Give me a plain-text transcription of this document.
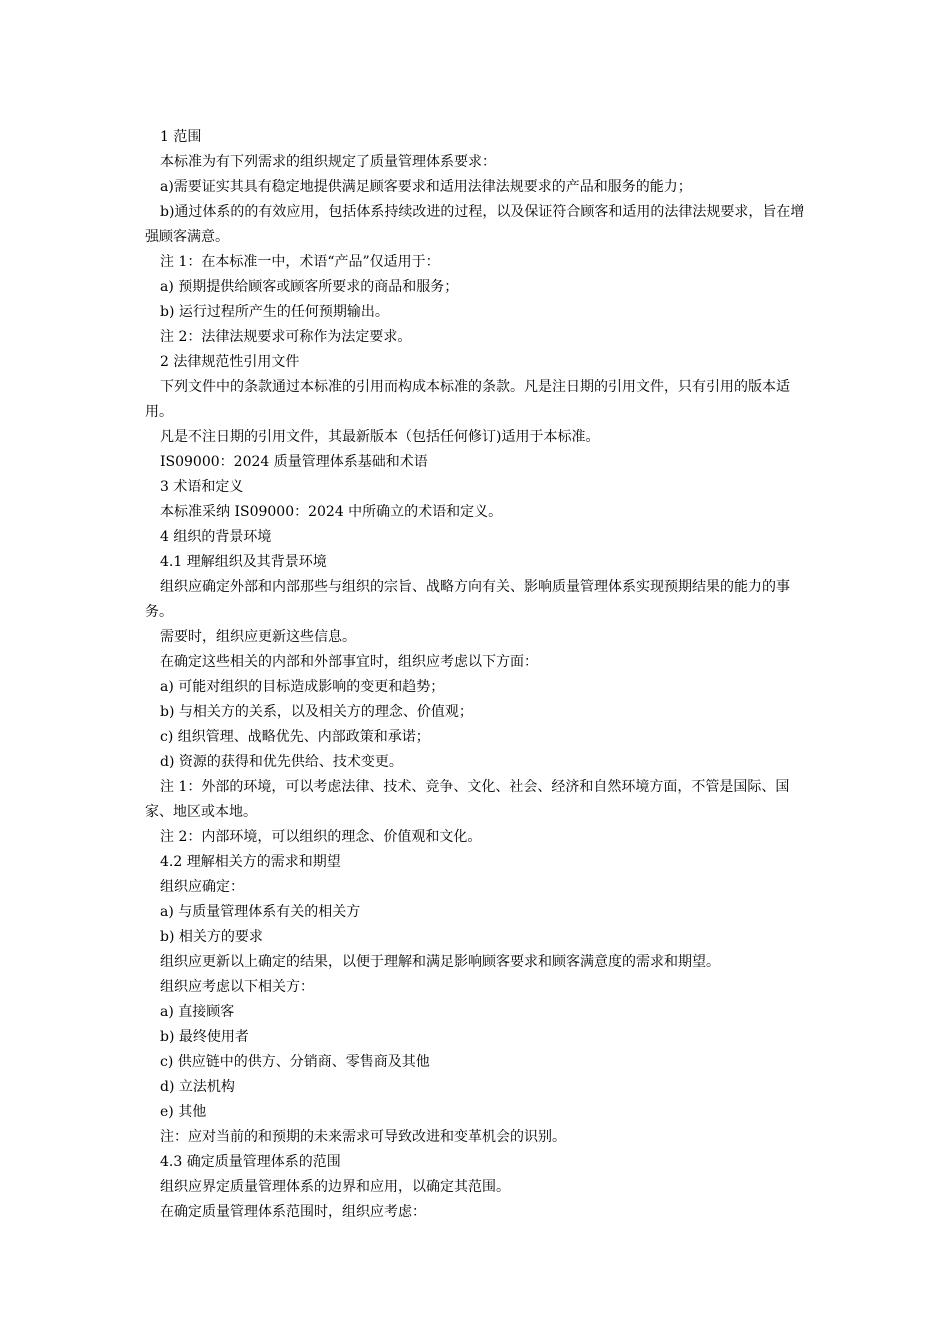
1 范围

本标准为有下列需求的组织规定了质量管理体系要求：

a)需要证实其具有稳定地提供满足顾客要求和适用法律法规要求的产品和服务的能力；

b)通过体系的的有效应用，包括体系持续改进的过程，以及保证符合顾客和适用的法律法规要求，旨在增强顾客满意。

注 1：在本标准一中，术语“产品”仅适用于：

a) 预期提供给顾客或顾客所要求的商品和服务；

b) 运行过程所产生的任何预期输出。

注 2：法律法规要求可称作为法定要求。

2 法律规范性引用文件

下列文件中的条款通过本标准的引用而构成本标准的条款。凡是注日期的引用文件，只有引用的版本适用。

凡是不注日期的引用文件，其最新版本（包括任何修订)适用于本标准。

IS09000：2024 质量管理体系基础和术语

3 术语和定义

本标准采纳 IS09000：2024 中所确立的术语和定义。

4 组织的背景环境

4.1 理解组织及其背景环境

组织应确定外部和内部那些与组织的宗旨、战略方向有关、影响质量管理体系实现预期结果的能力的事务。

需要时，组织应更新这些信息。

在确定这些相关的内部和外部事宜时，组织应考虑以下方面：

a) 可能对组织的目标造成影响的变更和趋势；

b) 与相关方的关系，以及相关方的理念、价值观；

c) 组织管理、战略优先、内部政策和承诺；

d) 资源的获得和优先供给、技术变更。

注 1：外部的环境，可以考虑法律、技术、竞争、文化、社会、经济和自然环境方面，不管是国际、国家、地区或本地。

注 2：内部环境，可以组织的理念、价值观和文化。

4.2 理解相关方的需求和期望

组织应确定：

a) 与质量管理体系有关的相关方

b) 相关方的要求

组织应更新以上确定的结果，以便于理解和满足影响顾客要求和顾客满意度的需求和期望。

组织应考虑以下相关方：

a) 直接顾客

b) 最终使用者

c) 供应链中的供方、分销商、零售商及其他

d) 立法机构

e) 其他

注：应对当前的和预期的未来需求可导致改进和变革机会的识别。

4.3 确定质量管理体系的范围

组织应界定质量管理体系的边界和应用，以确定其范围。

在确定质量管理体系范围时，组织应考虑：
